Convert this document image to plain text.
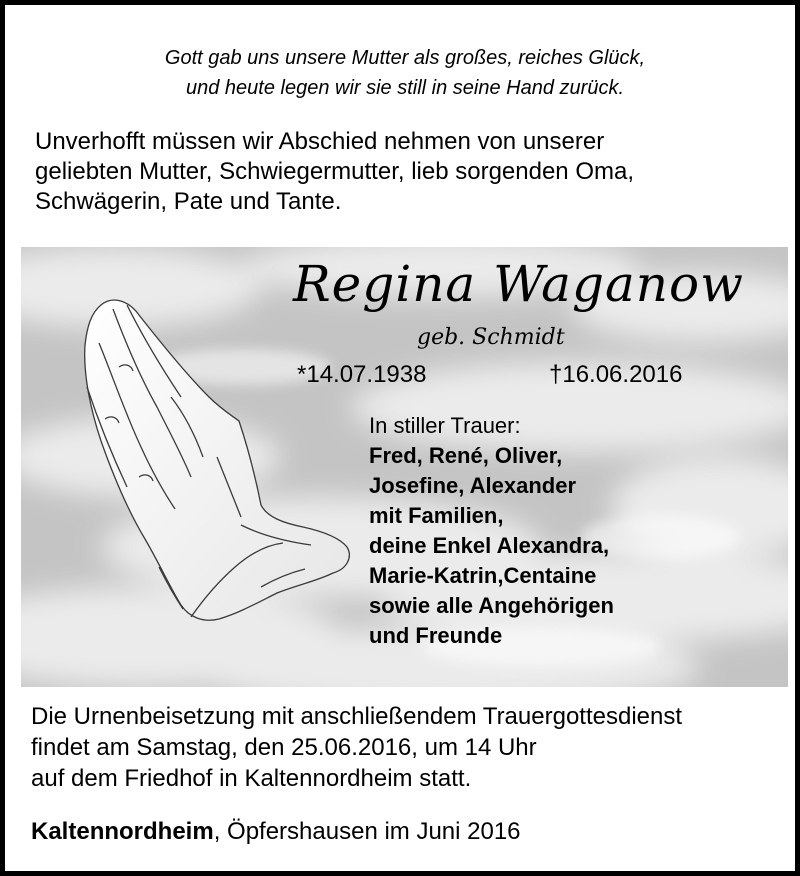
Gott gab uns unsere Mutter als großes, reiches Glück,
und heute legen wir sie still in seine Hand zurück.
Unverhofft müssen wir Abschied nehmen von unserer
geliebten Mutter, Schwiegermutter, lieb sorgenden Oma,
Schwägerin, Pate und Tante.
Regina Waganow
geb. Schmidt
*14.07.1938	†16.06.2016
In stiller Trauer:
Fred, René, Oliver,
Josefine, Alexander
mit Familien,
deine Enkel Alexandra,
Marie-Katrin,Centaine
sowie alle Angehörigen
und Freunde
Die Urnenbeisetzung mit anschließendem Trauergottesdienst
findet am Samstag, den 25.06.2016, um 14 Uhr
auf dem Friedhof in Kaltennordheim statt.
Kaltennordheim, Öpfershausen im Juni 2016
